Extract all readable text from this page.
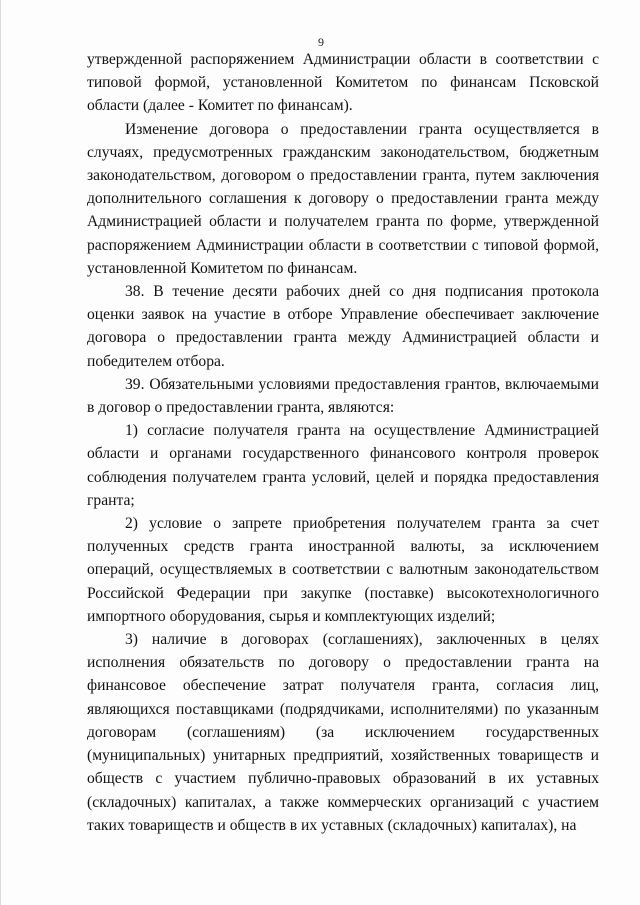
9

утвержденной распоряжением Администрации области в соответствии с типовой формой, установленной Комитетом по финансам Псковской области (далее - Комитет по финансам).

Изменение договора о предоставлении гранта осуществляется в случаях, предусмотренных гражданским законодательством, бюджетным законодательством, договором о предоставлении гранта, путем заключения дополнительного соглашения к договору о предоставлении гранта между Администрацией области и получателем гранта по форме, утвержденной распоряжением Администрации области в соответствии с типовой формой, установленной Комитетом по финансам.

38. В течение десяти рабочих дней со дня подписания протокола оценки заявок на участие в отборе Управление обеспечивает заключение договора о предоставлении гранта между Администрацией области и победителем отбора.

39. Обязательными условиями предоставления грантов, включаемыми в договор о предоставлении гранта, являются:

1) согласие получателя гранта на осуществление Администрацией области и органами государственного финансового контроля проверок соблюдения получателем гранта условий, целей и порядка предоставления гранта;

2) условие о запрете приобретения получателем гранта за счет полученных средств гранта иностранной валюты, за исключением операций, осуществляемых в соответствии с валютным законодательством Российской Федерации при закупке (поставке) высокотехнологичного импортного оборудования, сырья и комплектующих изделий;

3) наличие в договорах (соглашениях), заключенных в целях исполнения обязательств по договору о предоставлении гранта на финансовое обеспечение затрат получателя гранта, согласия лиц, являющихся поставщиками (подрядчиками, исполнителями) по указанным договорам (соглашениям) (за исключением государственных (муниципальных) унитарных предприятий, хозяйственных товариществ и обществ с участием публично-правовых образований в их уставных (складочных) капиталах, а также коммерческих организаций с участием таких товариществ и обществ в их уставных (складочных) капиталах), на
